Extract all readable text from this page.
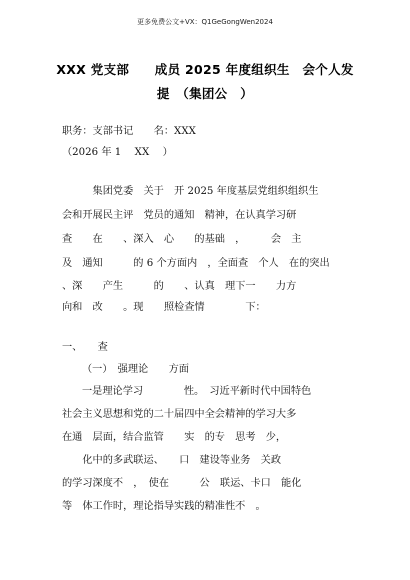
更多免费公文+VX：Q1GeGongWen2024
XXX 党支部　　成员 2025 年度组织生　会个人发
提　（集团公　）
职务：支部书记　　名：XXX
（2026 年 1　 XX　 ）
　　　集团党委　关于　开 2025 年度基层党组织组织生
会和开展民主评　党员的通知　精神，在认真学习研
查　　在　　、深入　心　　的基础　，　　　会　主
及　通知　　　的 6 个方面内　，全面查　个人　在的突出
、深　　产生　　　的　　、认真　理下一　　力方
向和　改　　。现　　照检查情　　　　下：
一、　　查
（一）　强理论　　方面
一是理论学习　　　　性。　习近平新时代中国特色
社会主义思想和党的二十届四中全会精神的学习大多
在通　层面，结合监管　　实　的专　思考　少，
　　化中的多武联运、　　口　建设等业务　关政
的学习深度不　，　使在　　　公　联运、卡口　能化
等　体工作时，理论指导实践的精准性不　。
